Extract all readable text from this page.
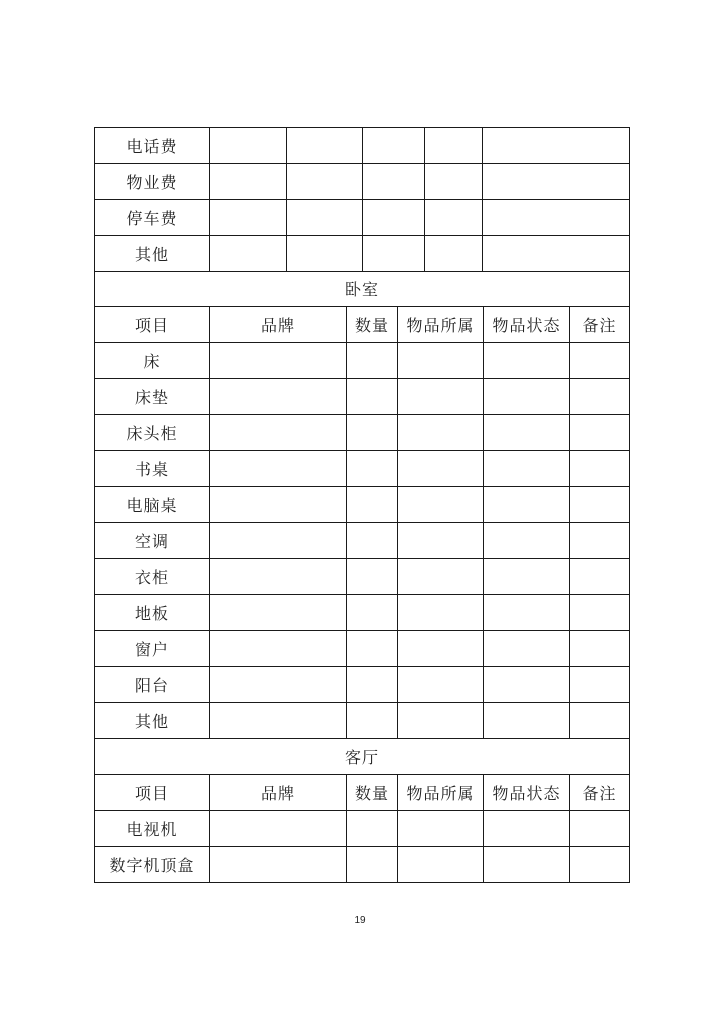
电话费					
物业费					
停车费					
其他					
卧室					
项目	品牌	数量	物品所属	物品状态	备注
床					
床垫					
床头柜					
书桌					
电脑桌					
空调					
衣柜					
地板					
窗户					
阳台					
其他					
客厅					
项目	品牌	数量	物品所属	物品状态	备注
电视机					
数字机顶盒					
19
